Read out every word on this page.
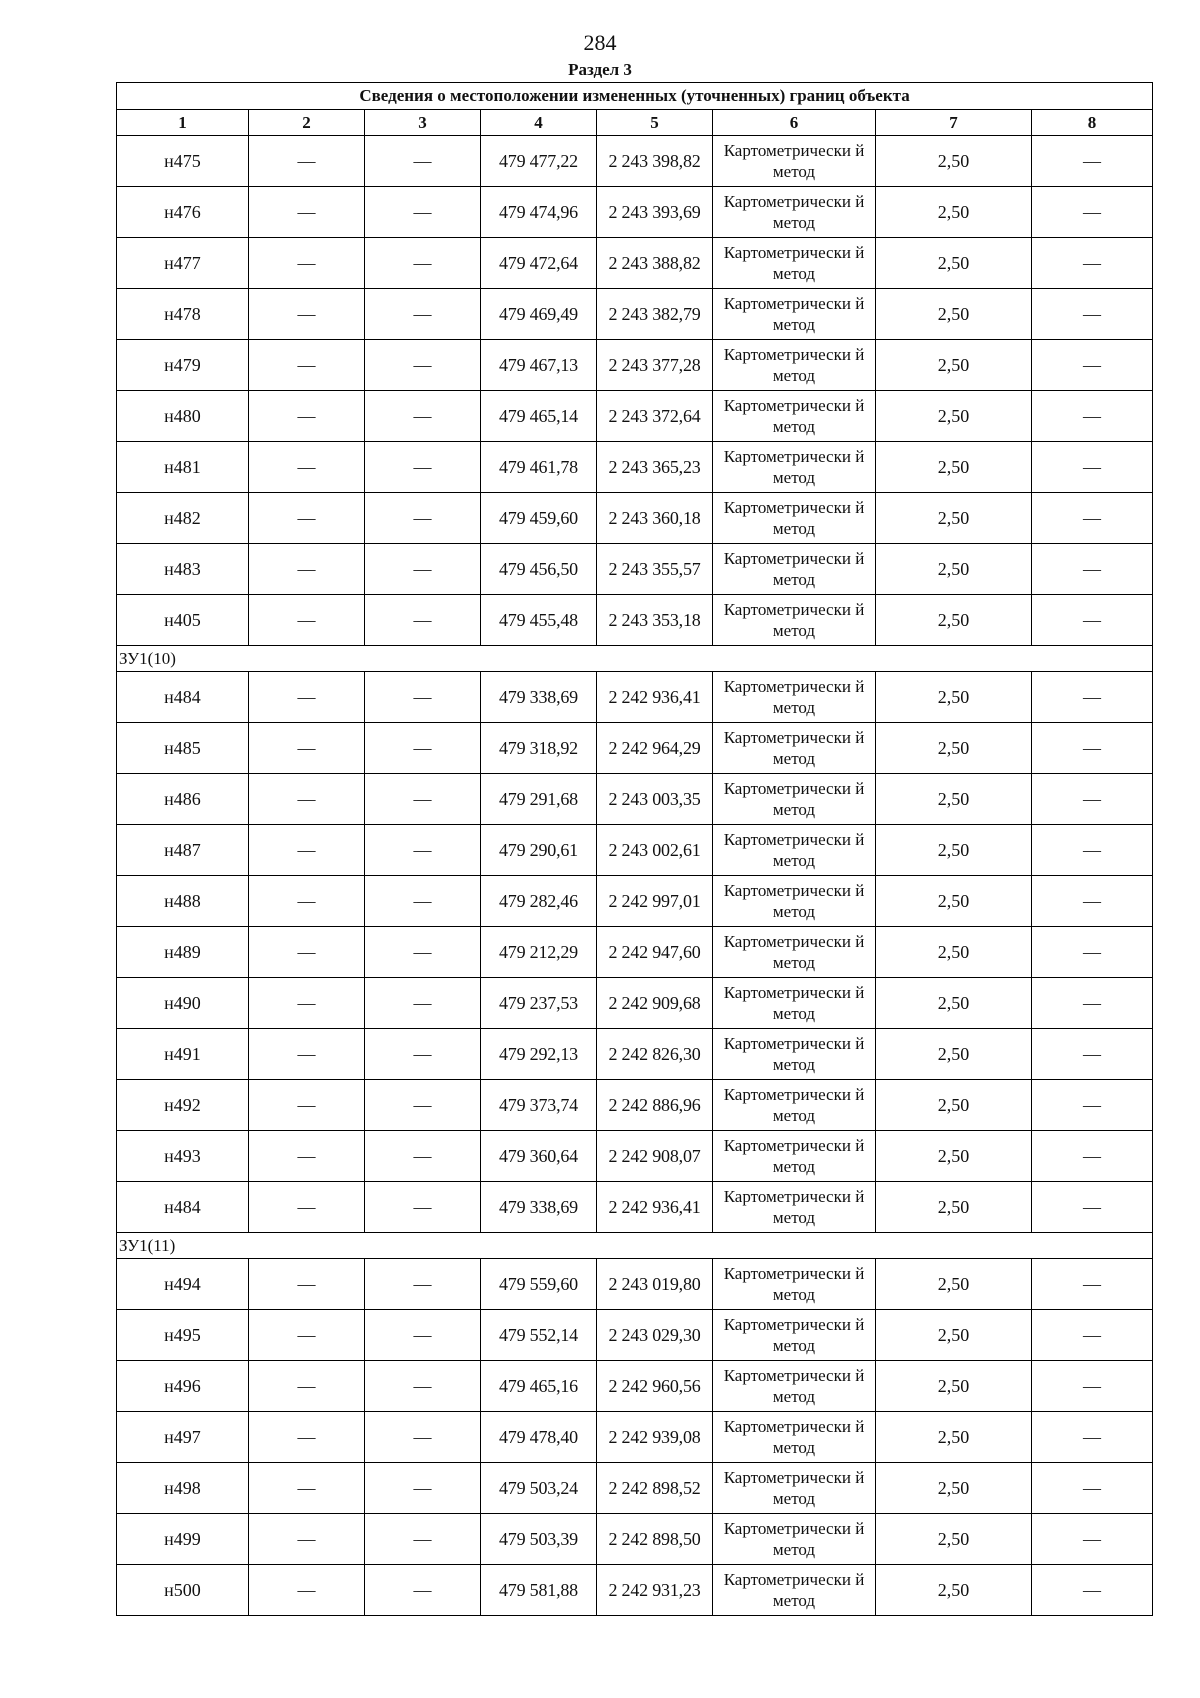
284
Раздел 3
Сведения о местоположении измененных (уточненных) границ объекта							
1	2	3	4	5	6	7	8
н475	—	—	479 477,22	2 243 398,82	Картометрически й метод	2,50	—
н476	—	—	479 474,96	2 243 393,69	Картометрически й метод	2,50	—
н477	—	—	479 472,64	2 243 388,82	Картометрически й метод	2,50	—
н478	—	—	479 469,49	2 243 382,79	Картометрически й метод	2,50	—
н479	—	—	479 467,13	2 243 377,28	Картометрически й метод	2,50	—
н480	—	—	479 465,14	2 243 372,64	Картометрически й метод	2,50	—
н481	—	—	479 461,78	2 243 365,23	Картометрически й метод	2,50	—
н482	—	—	479 459,60	2 243 360,18	Картометрически й метод	2,50	—
н483	—	—	479 456,50	2 243 355,57	Картометрически й метод	2,50	—
н405	—	—	479 455,48	2 243 353,18	Картометрически й метод	2,50	—
ЗУ1(10)							
н484	—	—	479 338,69	2 242 936,41	Картометрически й метод	2,50	—
н485	—	—	479 318,92	2 242 964,29	Картометрически й метод	2,50	—
н486	—	—	479 291,68	2 243 003,35	Картометрически й метод	2,50	—
н487	—	—	479 290,61	2 243 002,61	Картометрически й метод	2,50	—
н488	—	—	479 282,46	2 242 997,01	Картометрически й метод	2,50	—
н489	—	—	479 212,29	2 242 947,60	Картометрически й метод	2,50	—
н490	—	—	479 237,53	2 242 909,68	Картометрически й метод	2,50	—
н491	—	—	479 292,13	2 242 826,30	Картометрически й метод	2,50	—
н492	—	—	479 373,74	2 242 886,96	Картометрически й метод	2,50	—
н493	—	—	479 360,64	2 242 908,07	Картометрически й метод	2,50	—
н484	—	—	479 338,69	2 242 936,41	Картометрически й метод	2,50	—
ЗУ1(11)							
н494	—	—	479 559,60	2 243 019,80	Картометрически й метод	2,50	—
н495	—	—	479 552,14	2 243 029,30	Картометрически й метод	2,50	—
н496	—	—	479 465,16	2 242 960,56	Картометрически й метод	2,50	—
н497	—	—	479 478,40	2 242 939,08	Картометрически й метод	2,50	—
н498	—	—	479 503,24	2 242 898,52	Картометрически й метод	2,50	—
н499	—	—	479 503,39	2 242 898,50	Картометрически й метод	2,50	—
н500	—	—	479 581,88	2 242 931,23	Картометрически й метод	2,50	—
